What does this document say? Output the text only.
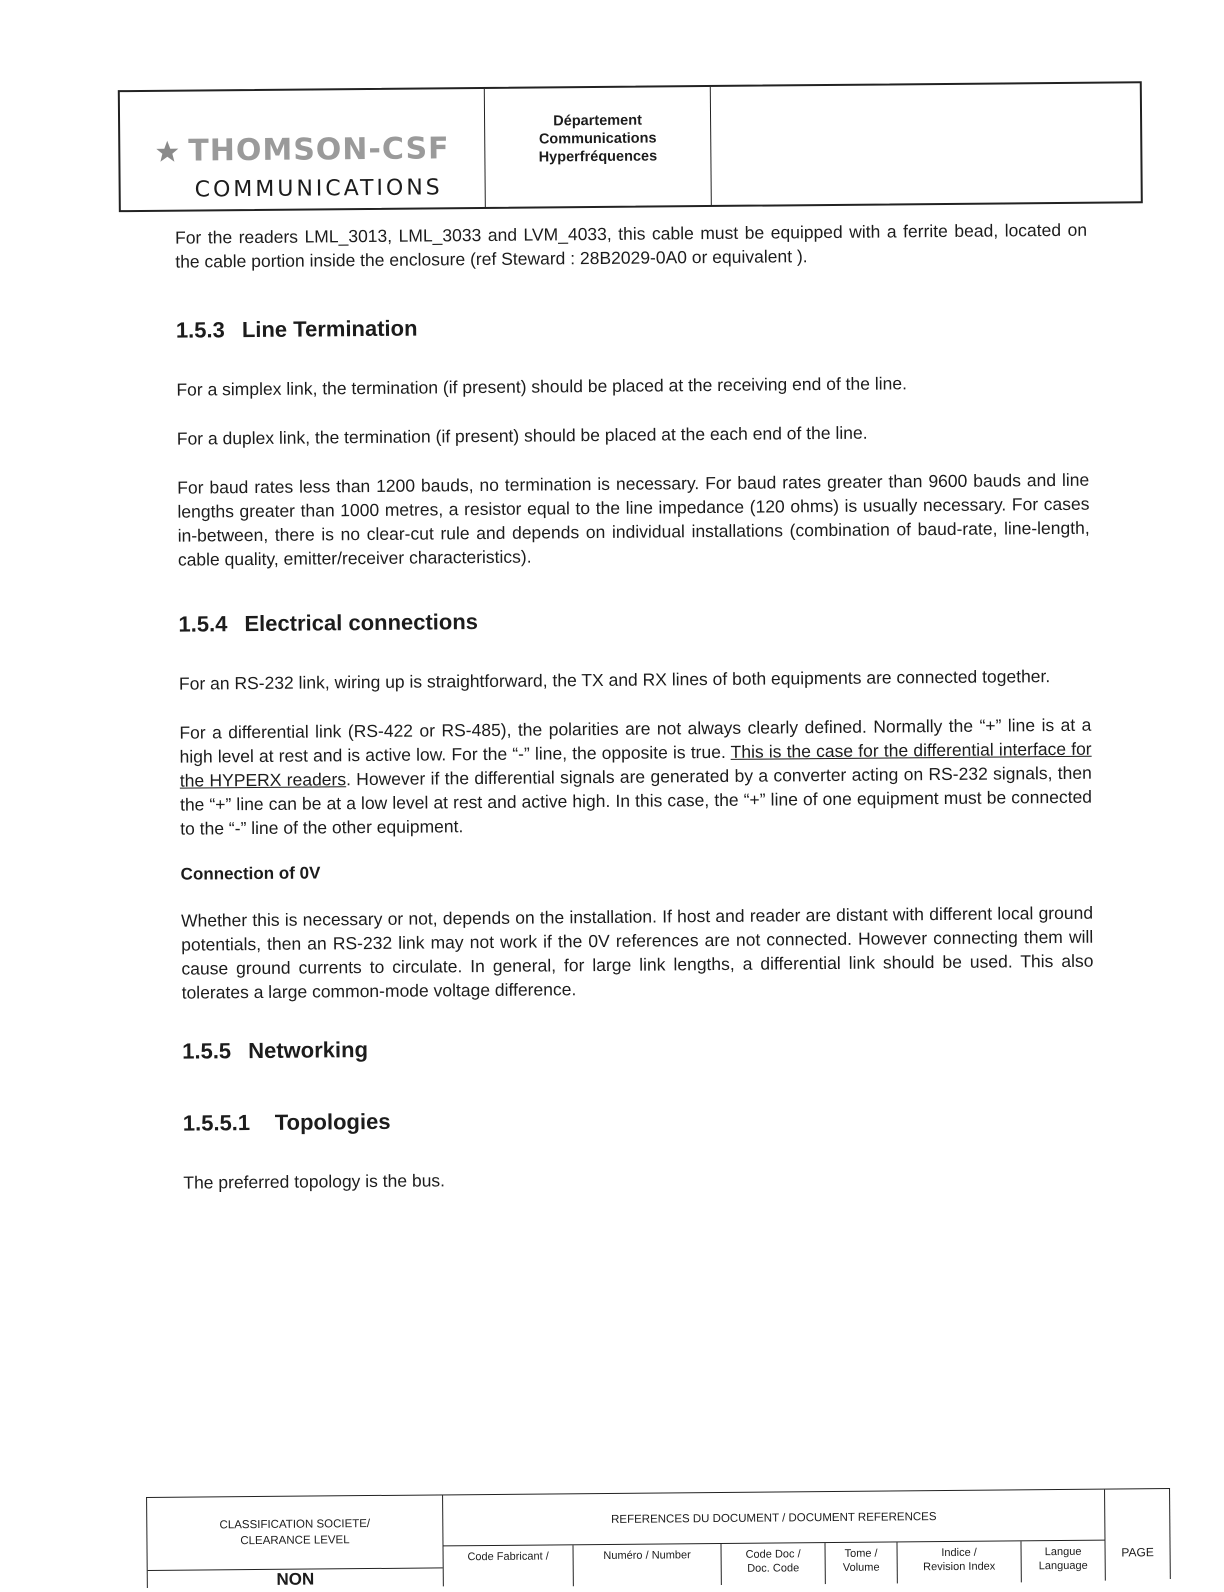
THOMSON-CSF
COMMUNICATIONS
Département
Communications
Hyperfréquences

For the readers LML_3013, LML_3033 and LVM_4033, this cable must be equipped with a ferrite bead, located on the cable portion inside the enclosure (ref Steward : 28B2029-0A0 or equivalent ).

1.5.3 Line Termination

For a simplex link, the termination (if present) should be placed at the receiving end of the line.

For a duplex link, the termination (if present) should be placed at the each end of the line.

For baud rates less than 1200 bauds, no termination is necessary. For baud rates greater than 9600 bauds and line lengths greater than 1000 metres, a resistor equal to the line impedance (120 ohms) is usually necessary. For cases in-between, there is no clear-cut rule and depends on individual installations (combination of baud-rate, line-length, cable quality, emitter/receiver characteristics).

1.5.4 Electrical connections

For an RS-232 link, wiring up is straightforward, the TX and RX lines of both equipments are connected together.

For a differential link (RS-422 or RS-485), the polarities are not always clearly defined. Normally the “+” line is at a high level at rest and is active low. For the “-” line, the opposite is true. This is the case for the differential interface for the HYPERX readers. However if the differential signals are generated by a converter acting on RS-232 signals, then the “+” line can be at a low level at rest and active high. In this case, the “+” line of one equipment must be connected to the “-” line of the other equipment.

Connection of 0V

Whether this is necessary or not, depends on the installation. If host and reader are distant with different local ground potentials, then an RS-232 link may not work if the 0V references are not connected. However connecting them will cause ground currents to circulate. In general, for large link lengths, a differential link should be used. This also tolerates a large common-mode voltage difference.

1.5.5 Networking
1.5.5.1 Topologies

The preferred topology is the bus.

CLASSIFICATION SOCIETE/
CLEARANCE LEVEL
NON
REFERENCES DU DOCUMENT / DOCUMENT REFERENCES
Code Fabricant /	Numéro / Number	Code Doc /
Doc. Code
Tome /
Volume
Indice /
Revision Index
Langue
Language
PAGE
